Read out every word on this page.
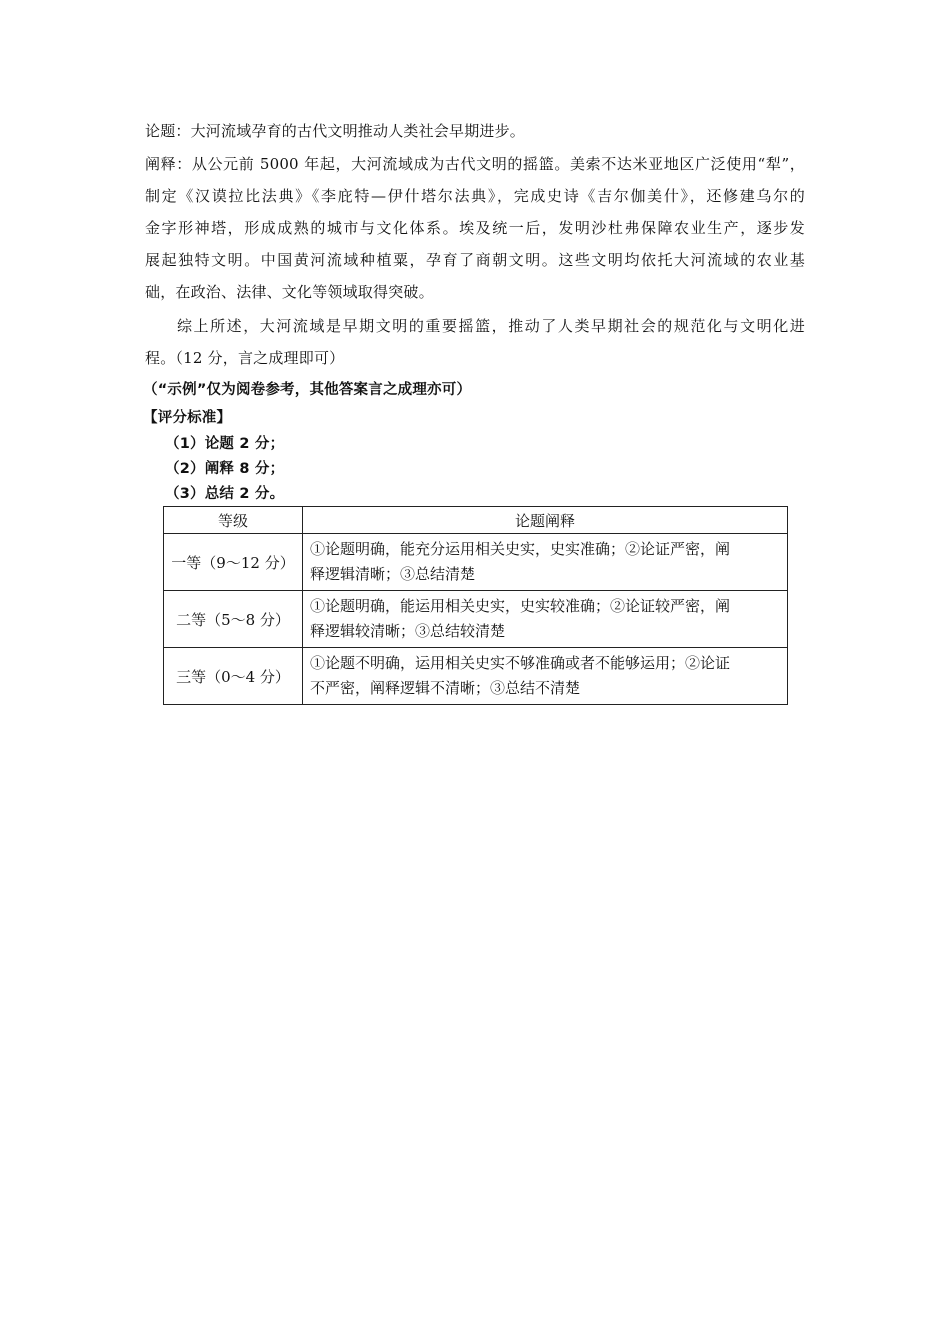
论题：大河流域孕育的古代文明推动人类社会早期进步。
阐释：从公元前 5000 年起，大河流域成为古代文明的摇篮。美索不达米亚地区广泛使用“犁”，
制定《汉谟拉比法典》《李庇特—伊什塔尔法典》，完成史诗《吉尔伽美什》，还修建乌尔的
金字形神塔，形成成熟的城市与文化体系。埃及统一后，发明沙杜弗保障农业生产，逐步发
展起独特文明。中国黄河流域种植粟，孕育了商朝文明。这些文明均依托大河流域的农业基
础，在政治、法律、文化等领域取得突破。
综上所述，大河流域是早期文明的重要摇篮，推动了人类早期社会的规范化与文明化进
程。（12 分，言之成理即可）
（“示例”仅为阅卷参考，其他答案言之成理亦可）
【评分标准】
（1）论题 2 分；
（2）阐释 8 分；
（3）总结 2 分。
等级	论题阐释
一等（9～12 分）	①论题明确，能充分运用相关史实，史实准确；②论证严密，阐
释逻辑清晰；③总结清楚

二等（5～8 分）	①论题明确，能运用相关史实，史实较准确；②论证较严密，阐
释逻辑较清晰；③总结较清楚

三等（0～4 分）	①论题不明确，运用相关史实不够准确或者不能够运用；②论证
不严密，阐释逻辑不清晰；③总结不清楚
